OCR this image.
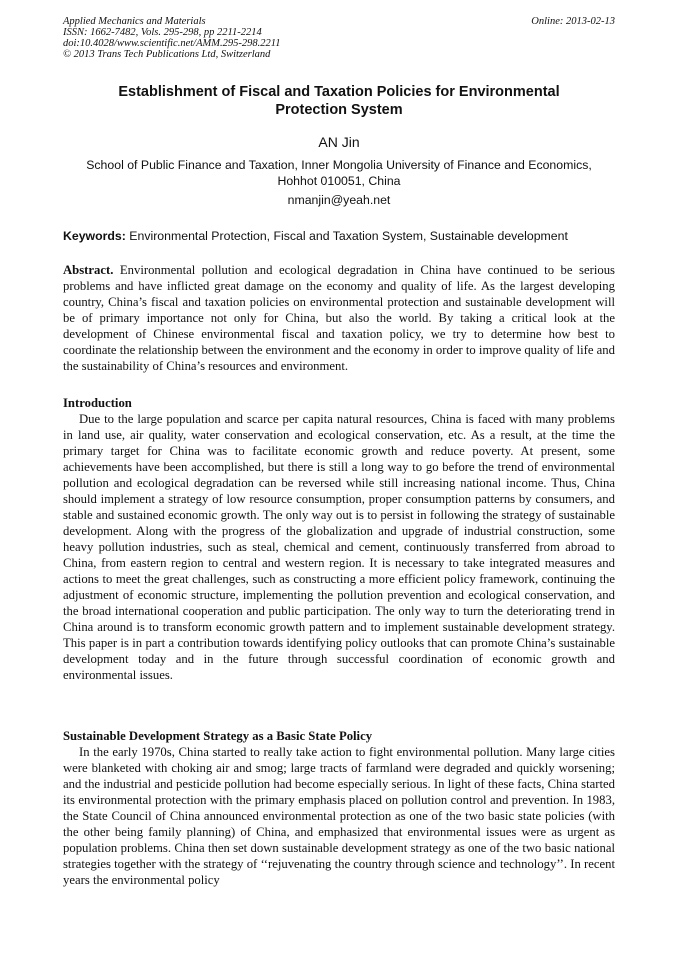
Applied Mechanics and Materials
ISSN: 1662-7482, Vols. 295-298, pp 2211-2214
doi:10.4028/www.scientific.net/AMM.295-298.2211
© 2013 Trans Tech Publications Ltd, Switzerland
Online: 2013-02-13
Establishment of Fiscal and Taxation Policies for Environmental
Protection System
AN Jin
School of Public Finance and Taxation, Inner Mongolia University of Finance and Economics,
Hohhot 010051, China
nmanjin@yeah.net
Keywords: Environmental Protection, Fiscal and Taxation System, Sustainable development

Abstract. Environmental pollution and ecological degradation in China have continued to be serious problems and have inflicted great damage on the economy and quality of life. As the largest developing country, China’s fiscal and taxation policies on environmental protection and sustainable development will be of primary importance not only for China, but also the world. By taking a critical look at the development of Chinese environmental fiscal and taxation policy, we try to determine how best to coordinate the relationship between the environment and the economy in order to improve quality of life and the sustainability of China’s resources and environment.

Introduction

Due to the large population and scarce per capita natural resources, China is faced with many problems in land use, air quality, water conservation and ecological conservation, etc. As a result, at the time the primary target for China was to facilitate economic growth and reduce poverty. At present, some achievements have been accomplished, but there is still a long way to go before the trend of environmental pollution and ecological degradation can be reversed while still increasing national income. Thus, China should implement a strategy of low resource consumption, proper consumption patterns by consumers, and stable and sustained economic growth. The only way out is to persist in following the strategy of sustainable development. Along with the progress of the globalization and upgrade of industrial construction, some heavy pollution industries, such as steal, chemical and cement, continuously transferred from abroad to China, from eastern region to central and western region. It is necessary to take integrated measures and actions to meet the great challenges, such as constructing a more efficient policy framework, continuing the adjustment of economic structure, implementing the pollution prevention and ecological conservation, and the broad international cooperation and public participation. The only way to turn the deteriorating trend in China around is to transform economic growth pattern and to implement sustainable development strategy. This paper is in part a contribution towards identifying policy outlooks that can promote China’s sustainable development today and in the future through successful coordination of economic growth and environmental issues.

Sustainable Development Strategy as a Basic State Policy

In the early 1970s, China started to really take action to fight environmental pollution. Many large cities were blanketed with choking air and smog; large tracts of farmland were degraded and quickly worsening; and the industrial and pesticide pollution had become especially serious. In light of these facts, China started its environmental protection with the primary emphasis placed on pollution control and prevention. In 1983, the State Council of China announced environmental protection as one of the two basic state policies (with the other being family planning) of China, and emphasized that environmental issues were as urgent as population problems. China then set down sustainable development strategy as one of the two basic national strategies together with the strategy of ‘‘rejuvenating the country through science and technology’’. In recent years the environmental policy
